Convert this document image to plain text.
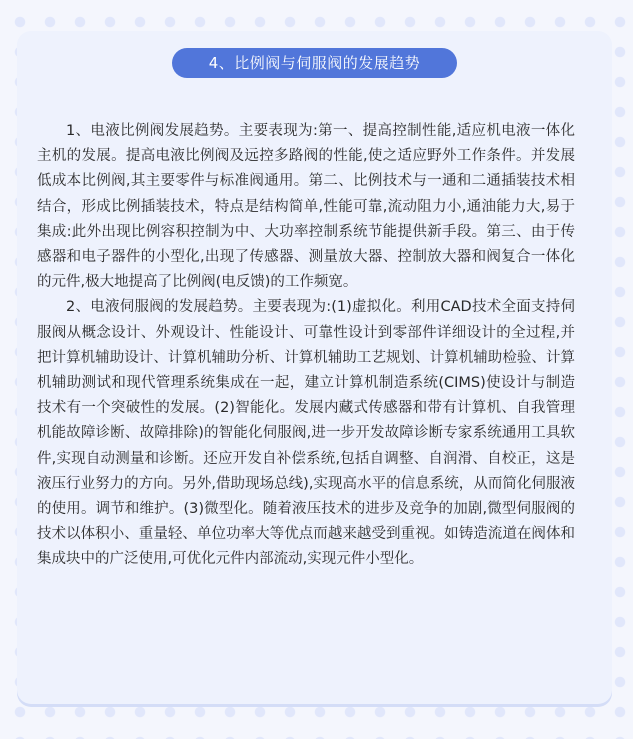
4、比例阀与伺服阀的发展趋势

1、电液比例阀发展趋势。主要表现为:第一、提高控制性能,适应机电液一体化主机的发展。提高电液比例阀及远控多路阀的性能,使之适应野外工作条件。并发展低成本比例阀,其主要零件与标准阀通用。第二、比例技术与一通和二通插装技术相结合，形成比例插装技术，特点是结构简单,性能可靠,流动阻力小,通油能力大,易于集成:此外出现比例容积控制为中、大功率控制系统节能提供新手段。第三、由于传感器和电子器件的小型化,出现了传感器、测量放大器、控制放大器和阀复合一体化的元件,极大地提高了比例阀(电反馈)的工作频宽。

2、电液伺服阀的发展趋势。主要表现为:(1)虚拟化。利用CAD技术全面支持伺服阀从概念设计、外观设计、性能设计、可靠性设计到零部件详细设计的全过程,并把计算机辅助设计、计算机辅助分析、计算机辅助工艺规划、计算机辅助检验、计算机辅助测试和现代管理系统集成在一起，建立计算机制造系统(CIMS)使设计与制造技术有一个突破性的发展。(2)智能化。发展内藏式传感器和带有计算机、自我管理机能故障诊断、故障排除)的智能化伺服阀,进一步开发故障诊断专家系统通用工具软件,实现自动测量和诊断。还应开发自补偿系统,包括自调整、自润滑、自校正，这是液压行业努力的方向。另外,借助现场总线),实现高水平的信息系统，从而简化伺服液的使用。调节和维护。(3)微型化。随着液压技术的进步及竞争的加剧,微型伺服阀的技术以体积小、重量轻、单位功率大等优点而越来越受到重视。如铸造流道在阀体和集成块中的广泛使用,可优化元件内部流动,实现元件小型化。
